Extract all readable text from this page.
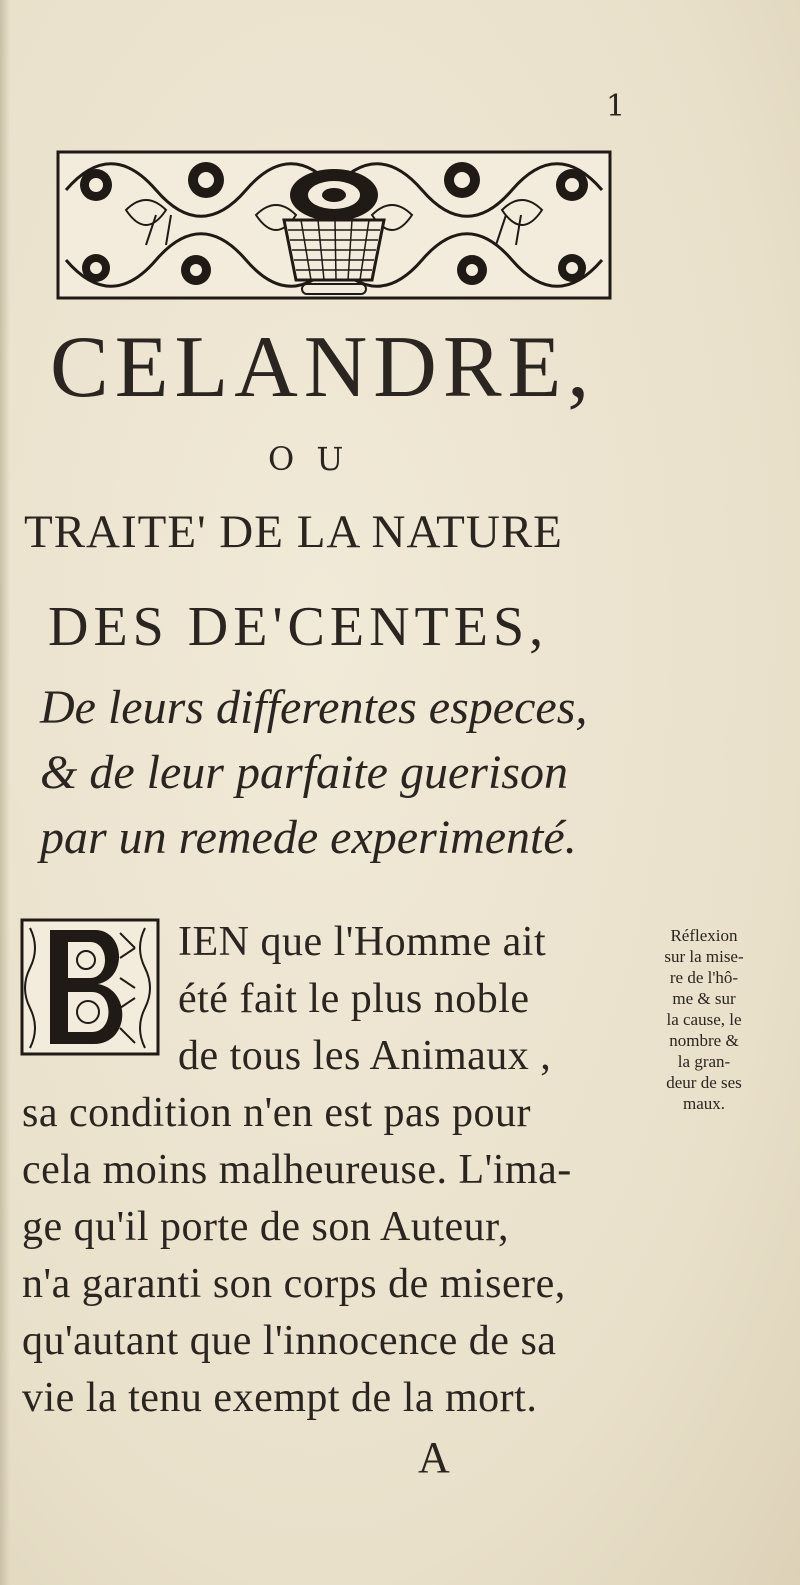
1
CELANDRE,
O U
TRAITE' DE LA NATURE
DES DE'CENTES,
De leurs differentes especes,
& de leur parfaite guerison
par un remede experimenté.
IEN que l'Homme ait
été fait le plus noble
de tous les Animaux ,
sa condition n'en est pas pour
cela moins malheureuse. L'ima-
ge qu'il porte de son Auteur,
n'a garanti son corps de misere,
qu'autant que l'innocence de sa
vie la tenu exempt de la mort.
A
Réflexion
sur la mise-
re de l'hô-
me & sur
la cause, le
nombre &
la gran-
deur de ses
maux.
